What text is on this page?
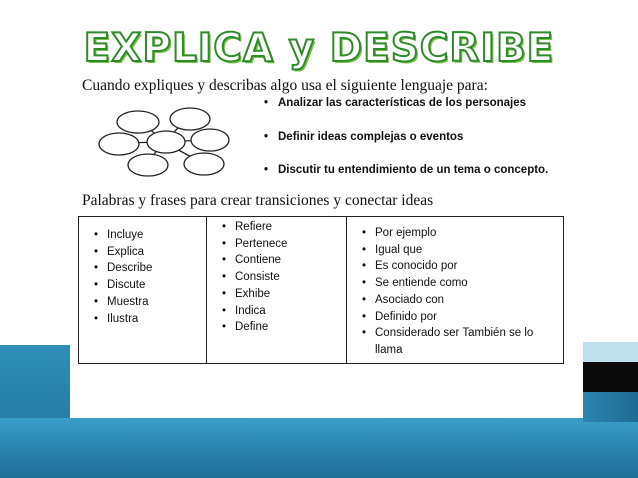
EXPLICA y DESCRIBE
Cuando expliques y describas algo usa el siguiente lenguaje para:
• Analizar las características de los personajes
• Definir ideas complejas o eventos
• Discutir tu entendimiento de un tema o concepto.
Palabras y frases para crear transiciones y conectar ideas
• Incluye
• Explica
• Describe
• Discute
• Muestra
• Ilustra
• Refiere
• Pertenece
• Contiene
• Consiste
• Exhibe
• Indica
• Define
• Por ejemplo
• Igual que
• Es conocido por
• Se entiende como
• Asociado con
• Definido por
• Considerado ser También se lo llama
